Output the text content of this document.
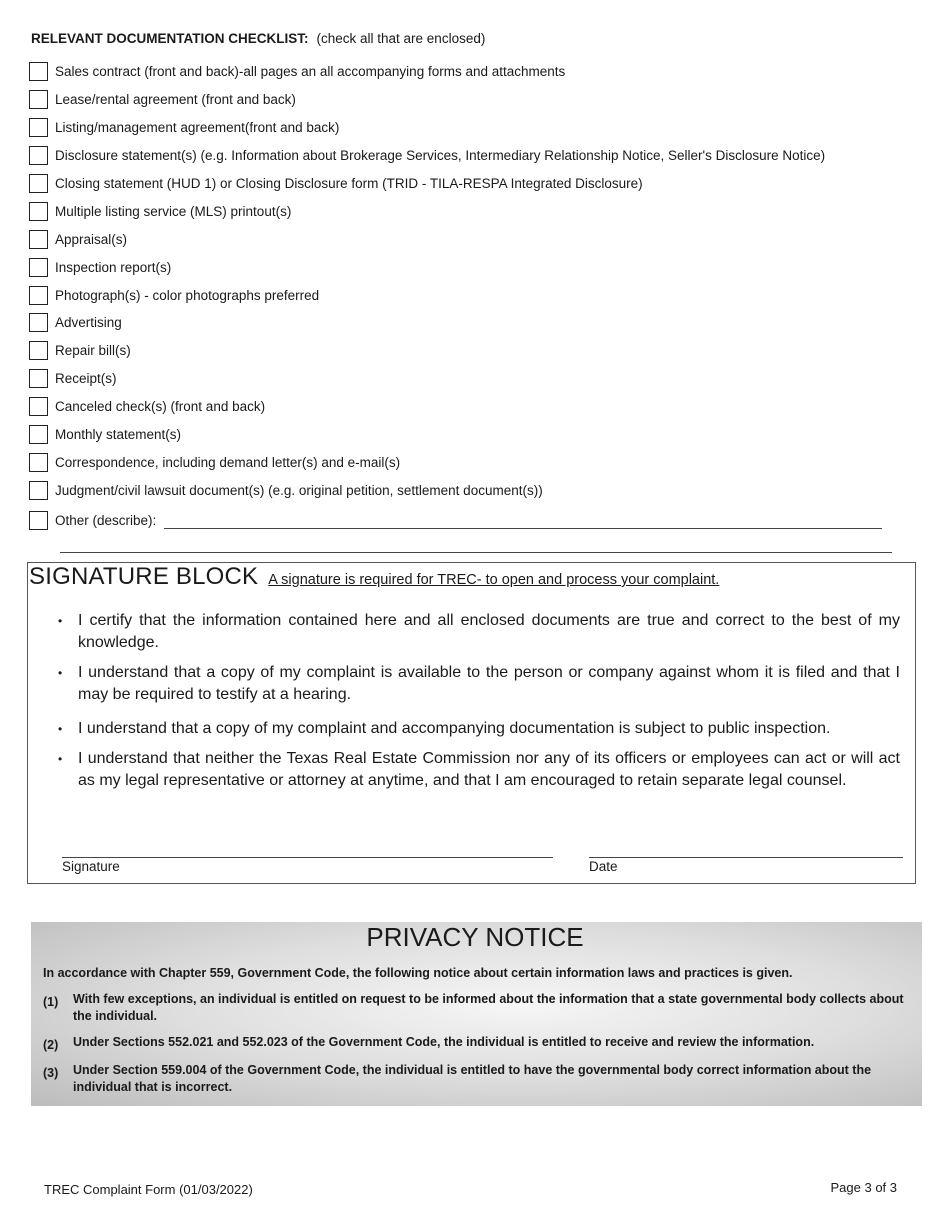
RELEVANT DOCUMENTATION CHECKLIST: (check all that are enclosed)
Sales contract (front and back)-all pages an all accompanying forms and attachments
Lease/rental agreement (front and back)
Listing/management agreement(front and back)
Disclosure statement(s) (e.g. Information about Brokerage Services, Intermediary Relationship Notice, Seller's Disclosure Notice)
Closing statement (HUD 1) or Closing Disclosure form (TRID - TILA-RESPA Integrated Disclosure)
Multiple listing service (MLS) printout(s)
Appraisal(s)
Inspection report(s)
Photograph(s) - color photographs preferred
Advertising
Repair bill(s)
Receipt(s)
Canceled check(s) (front and back)
Monthly statement(s)
Correspondence, including demand letter(s) and e-mail(s)
Judgment/civil lawsuit document(s) (e.g. original petition, settlement document(s))
Other (describe):
SIGNATURE BLOCK A signature is required for TREC- to open and process your complaint.
• I certify that the information contained here and all enclosed documents are true and correct to the best of my knowledge.
• I understand that a copy of my complaint is available to the person or company against whom it is filed and that I may be required to testify at a hearing.
• I understand that a copy of my complaint and accompanying documentation is subject to public inspection.
• I understand that neither the Texas Real Estate Commission nor any of its officers or employees can act or will act as my legal representative or attorney at anytime, and that I am encouraged to retain separate legal counsel.
Signature	Date
PRIVACY NOTICE
In accordance with Chapter 559, Government Code, the following notice about certain information laws and practices is given.
(1)	With few exceptions, an individual is entitled on request to be informed about the information that a state governmental body collects about the individual.
(2)	Under Sections 552.021 and 552.023 of the Government Code, the individual is entitled to receive and review the information.
(3)	Under Section 559.004 of the Government Code, the individual is entitled to have the governmental body correct information about the individual that is incorrect.
TREC Complaint Form (01/03/2022)	Page 3 of 3
